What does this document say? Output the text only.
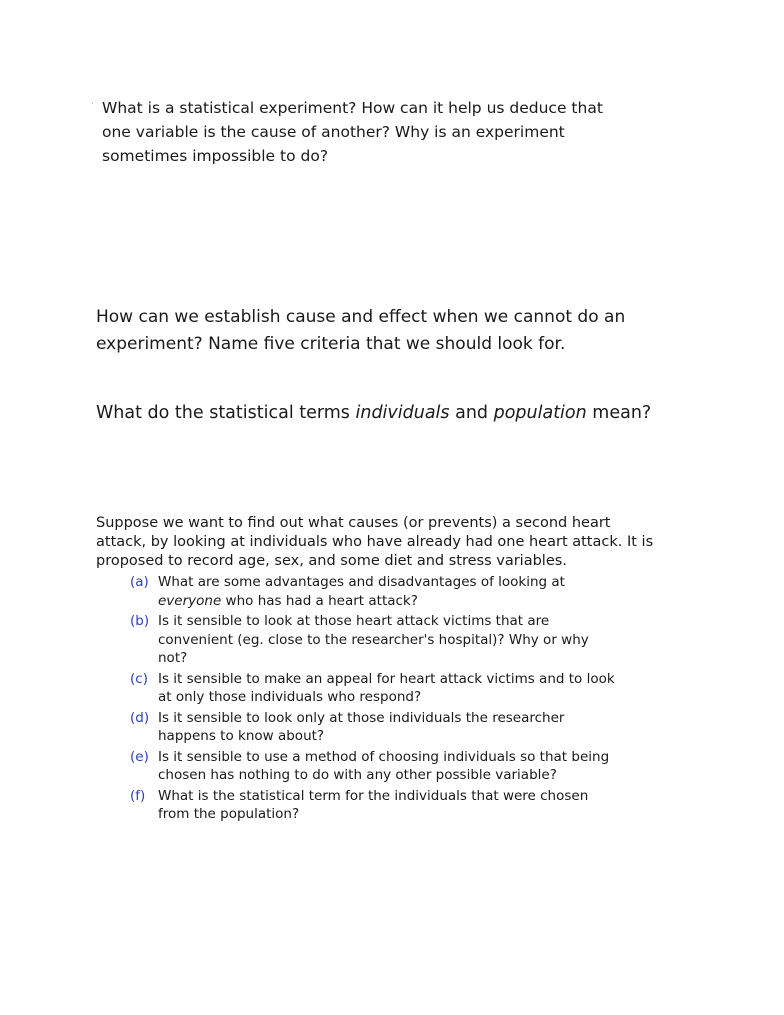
· What is a statistical experiment? How can it help us deduce that one variable is the cause of another? Why is an experiment sometimes impossible to do?

How can we establish cause and effect when we cannot do an experiment? Name five criteria that we should look for.

What do the statistical terms individuals and population mean?

Suppose we want to find out what causes (or prevents) a second heart attack, by looking at individuals who have already had one heart attack. It is proposed to record age, sex, and some diet and stress variables.

(a) What are some advantages and disadvantages of looking at everyone who has had a heart attack?
(b) Is it sensible to look at those heart attack victims that are convenient (eg. close to the researcher's hospital)? Why or why not?
(c) Is it sensible to make an appeal for heart attack victims and to look at only those individuals who respond?
(d) Is it sensible to look only at those individuals the researcher happens to know about?
(e) Is it sensible to use a method of choosing individuals so that being chosen has nothing to do with any other possible variable?
(f) What is the statistical term for the individuals that were chosen from the population?
